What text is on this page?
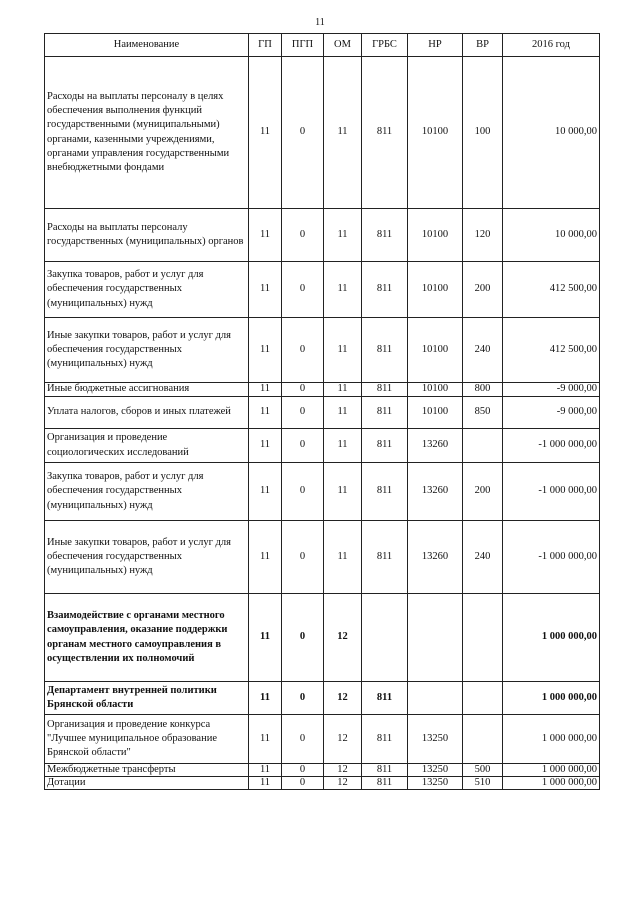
11
Наименование	ГП	ПГП	ОМ	ГРБС	НР	ВР	2016 год
Расходы на выплаты персоналу в целях обеспечения выполнения функций государственными (муниципальными) органами, казенными учреждениями, органами управления государственными внебюджетными фондами	11	0	11	811	10100	100	10 000,00
Расходы на выплаты персоналу государственных (муниципальных) органов	11	0	11	811	10100	120	10 000,00
Закупка товаров, работ и услуг для обеспечения государственных (муниципальных) нужд	11	0	11	811	10100	200	412 500,00
Иные закупки товаров, работ и услуг для обеспечения государственных (муниципальных) нужд	11	0	11	811	10100	240	412 500,00
Иные бюджетные ассигнования	11	0	11	811	10100	800	-9 000,00
Уплата налогов, сборов и иных платежей	11	0	11	811	10100	850	-9 000,00
Организация и проведение социологических исследований	11	0	11	811	13260		-1 000 000,00
Закупка товаров, работ и услуг для обеспечения государственных (муниципальных) нужд	11	0	11	811	13260	200	-1 000 000,00
Иные закупки товаров, работ и услуг для обеспечения государственных (муниципальных) нужд	11	0	11	811	13260	240	-1 000 000,00
Взаимодействие с органами местного самоуправления, оказание поддержки органам местного самоуправления в осуществлении их полномочий	11	0	12				1 000 000,00
Департамент внутренней политики Брянской области	11	0	12	811			1 000 000,00
Организация и проведение конкурса "Лучшее муниципальное образование Брянской области"	11	0	12	811	13250		1 000 000,00
Межбюджетные трансферты	11	0	12	811	13250	500	1 000 000,00
Дотации	11	0	12	811	13250	510	1 000 000,00
